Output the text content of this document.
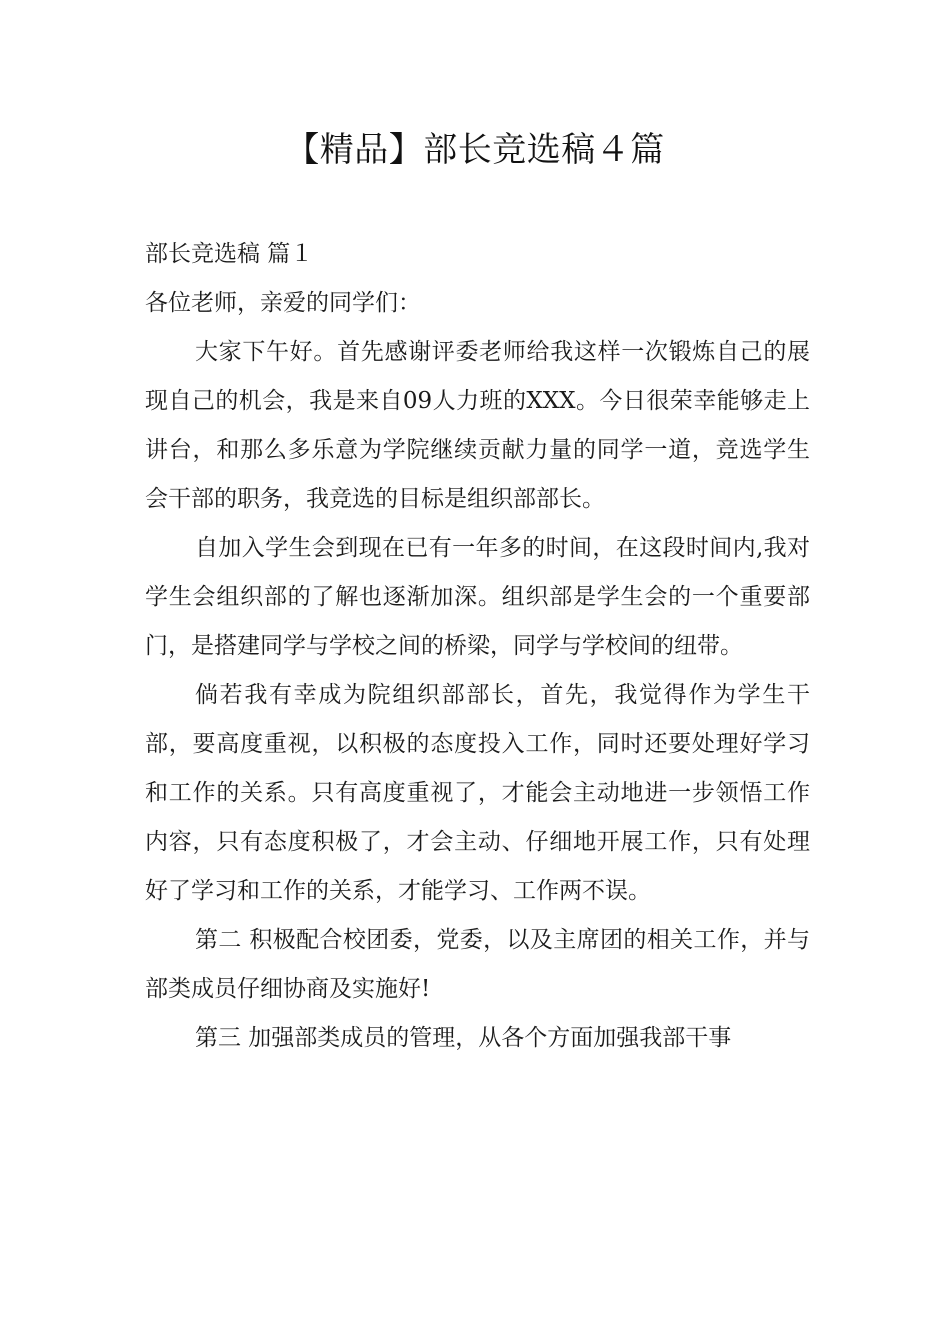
【精品】部长竞选稿４篇

部长竞选稿 篇１

各位老师，亲爱的同学们：

大家下午好。首先感谢评委老师给我这样一次锻炼自己的展现自己的机会，我是来自09人力班的XXX。今日很荣幸能够走上讲台，和那么多乐意为学院继续贡献力量的同学一道，竞选学生会干部的职务，我竞选的目标是组织部部长。

自加入学生会到现在已有一年多的时间，在这段时间内,我对学生会组织部的了解也逐渐加深。组织部是学生会的一个重要部门，是搭建同学与学校之间的桥梁，同学与学校间的纽带。

倘若我有幸成为院组织部部长，首先，我觉得作为学生干部，要高度重视，以积极的态度投入工作，同时还要处理好学习和工作的关系。只有高度重视了，才能会主动地进一步领悟工作内容，只有态度积极了，才会主动、仔细地开展工作，只有处理好了学习和工作的关系，才能学习、工作两不误。

第二 积极配合校团委，党委，以及主席团的相关工作，并与部类成员仔细协商及实施好!

第三 加强部类成员的管理，从各个方面加强我部干事
